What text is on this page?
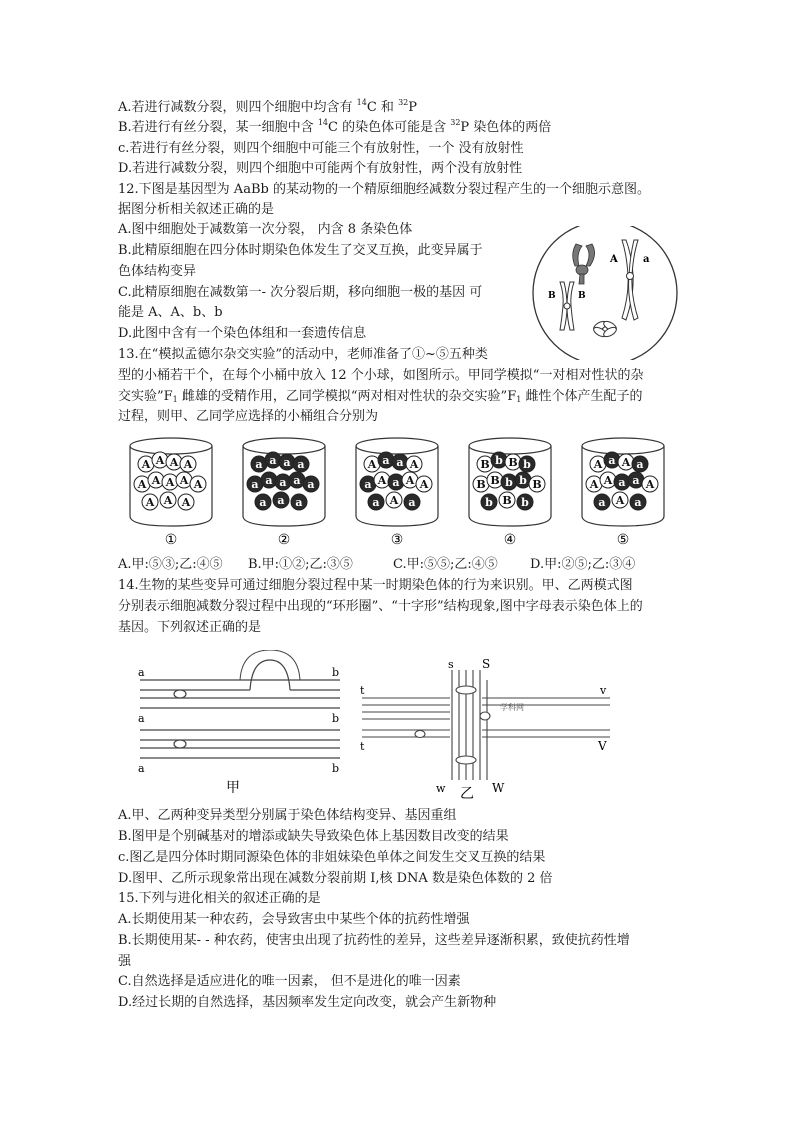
A.若进行减数分裂，则四个细胞中均含有 $^{14}$C 和 $^{32}$P
B.若进行有丝分裂，某一细胞中含 $^{14}$C 的染色体可能是含 $^{32}$P 染色体的两倍
c.若进行有丝分裂，则四个细胞中可能三个有放射性，一个 没有放射性
D.若进行减数分裂，则四个细胞中可能两个有放射性，两个没有放射性
12.下图是基因型为 AaBb 的某动物的一个精原细胞经减数分裂过程产生的一个细胞示意图。
据图分析相关叙述正确的是
A.图中细胞处于减数第一次分裂， 内含 8 条染色体
B.此精原细胞在四分体时期染色体发生了交叉互换，此变异属于
色体结构变异
C.此精原细胞在减数第一- 次分裂后期，移向细胞一极的基因 可
能是 A、A、b、b
D.此图中含有一个染色体组和一套遗传信息
A	a
B B
13.在“模拟孟德尔杂交实验”的活动中，老师准备了①~⑤五种类
型的小桶若干个，在每个小桶中放入 12 个小球，如图所示。甲同学模拟“一对相对性状的杂
交实验$”F_1$ 雌雄的受精作用，乙同学模拟“两对相对性状的杂交实验$”F_1$ 雌性个体产生配子的
过程，则甲、乙同学应选择的小桶组合分别为
A A A A
A A A A A
A A A
①
a a a a
a a a a a
a a a
②
A a a A
a A a A A
a A a
③
B b B b
B B b b B
b B b
④
A a A a
A A a a A
a A a
⑤
A.甲:⑤③;乙:④⑤ B.甲:①②;乙:③⑤	C.甲:⑤⑤;乙:④⑤ D.甲:②⑤;乙:③④
14.生物的某些变异可通过细胞分裂过程中某一时期染色体的行为来识别。甲、乙两模式图
分别表示细胞减数分裂过程中出现的“环形圈”、“十字形”结构现象,图中字母表示染色体上的
基因。下列叙述正确的是
a	b
b
a
a	b
甲
s S
t	v
t	V
w	W
学科网
乙
A.甲、乙两种变异类型分别属于染色体结构变异、基因重组
B.图甲是个别碱基对的增添或缺失导致染色体上基因数目改变的结果
c.图乙是四分体时期同源染色体的非姐妹染色单体之间发生交叉互换的结果
D.图甲、乙所示现象常出现在减数分裂前期 I,核 DNA 数是染色体数的 2 倍
15.下列与进化相关的叙述正确的是
A.长期使用某一种农药，会导致害虫中某些个体的抗药性增强
B.长期使用某- - 种农药，使害虫出现了抗药性的差异，这些差异逐渐积累，致使抗药性增
强
C.自然选择是适应进化的唯一因素， 但不是进化的唯一因素
D.经过长期的自然选择，基因频率发生定向改变，就会产生新物种
